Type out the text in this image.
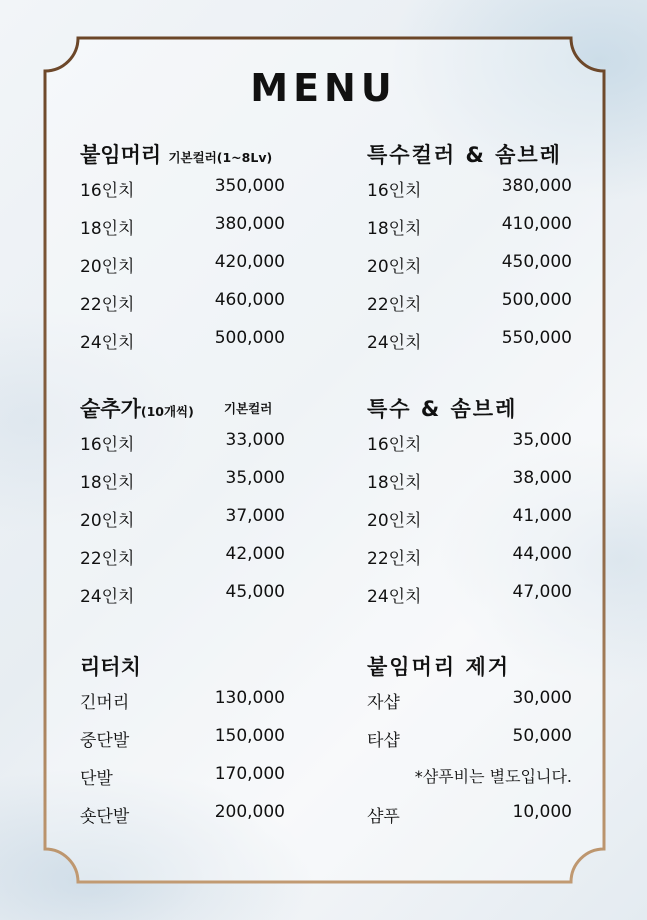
MENU
붙임머리 기본컬러(1~8Lv)
16인치	350,000
18인치	380,000
20인치	420,000
22인치	460,000
24인치	500,000
특수컬러 & 솜브레
16인치	380,000
18인치	410,000
20인치	450,000
22인치	500,000
24인치	550,000
숱추가(10개씩) 기본컬러
16인치	33,000
18인치	35,000
20인치	37,000
22인치	42,000
24인치	45,000
특수 & 솜브레
16인치	35,000
18인치	38,000
20인치	41,000
22인치	44,000
24인치	47,000
리터치
긴머리	130,000
중단발	150,000
단발	170,000
숏단발	200,000
붙임머리 제거
자샵	30,000
타샵	50,000
*샴푸비는 별도입니다.
샴푸	10,000
